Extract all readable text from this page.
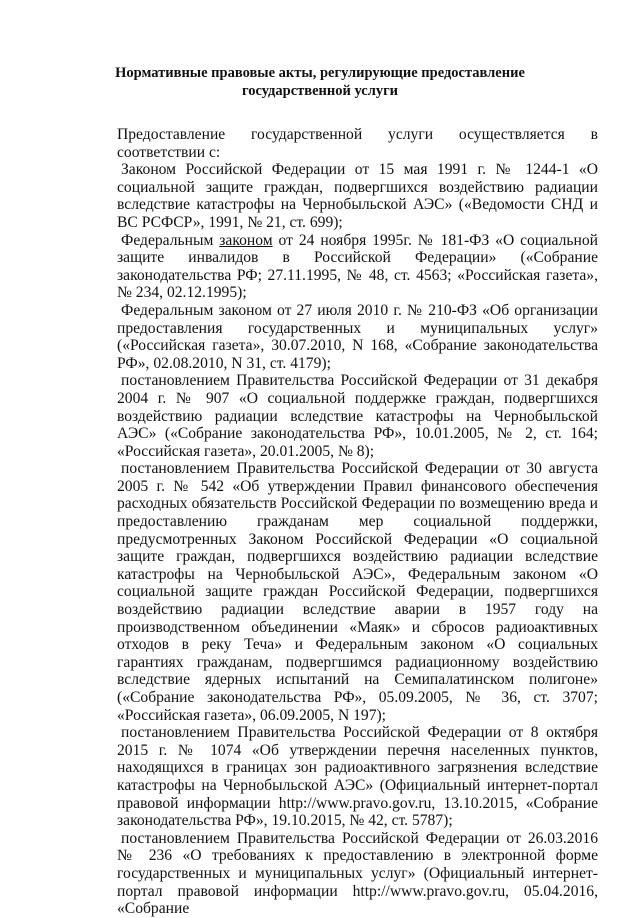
Нормативные правовые акты, регулирующие предоставление
государственной услуги

Предоставление государственной услуги осуществляется в соответствии с:

Законом Российской Федерации от 15 мая 1991 г. № 1244-1 «О социальной защите граждан, подвергшихся воздействию радиации вследствие катастрофы на Чернобыльской АЭС» («Ведомости СНД и ВС РСФСР», 1991, № 21, ст. 699);

Федеральным законом от 24 ноября 1995г. № 181-ФЗ «О социальной защите инвалидов в Российской Федерации» («Собрание законодательства РФ; 27.11.1995, № 48, ст. 4563; «Российская газета», № 234, 02.12.1995);

Федеральным законом от 27 июля 2010 г. № 210-ФЗ «Об организации предоставления государственных и муниципальных услуг» («Российская газета», 30.07.2010, N 168, «Собрание законодательства РФ», 02.08.2010, N 31, ст. 4179);

постановлением Правительства Российской Федерации от 31 декабря 2004 г. № 907 «О социальной поддержке граждан, подвергшихся воздействию радиации вследствие катастрофы на Чернобыльской АЭС» («Собрание законодательства РФ», 10.01.2005, № 2, ст. 164; «Российская газета», 20.01.2005, № 8);

постановлением Правительства Российской Федерации от 30 августа 2005 г. № 542 «Об утверждении Правил финансового обеспечения расходных обязательств Российской Федерации по возмещению вреда и предоставлению гражданам мер социальной поддержки, предусмотренных Законом Российской Федерации «О социальной защите граждан, подвергшихся воздействию радиации вследствие катастрофы на Чернобыльской АЭС», Федеральным законом «О социальной защите граждан Российской Федерации, подвергшихся воздействию радиации вследствие аварии в 1957 году на производственном объединении «Маяк» и сбросов радиоактивных отходов в реку Теча» и Федеральным законом «О социальных гарантиях гражданам, подвергшимся радиационному воздействию вследствие ядерных испытаний на Семипалатинском полигоне» («Собрание законодательства РФ», 05.09.2005, № 36, ст. 3707; «Российская газета», 06.09.2005, N 197);

постановлением Правительства Российской Федерации от 8 октября 2015 г. № 1074 «Об утверждении перечня населенных пунктов, находящихся в границах зон радиоактивного загрязнения вследствие катастрофы на Чернобыльской АЭС» (Официальный интернет-портал правовой информации http://www.pravo.gov.ru, 13.10.2015, «Собрание законодательства РФ», 19.10.2015, № 42, ст. 5787);

постановлением Правительства Российской Федерации от 26.03.2016 № 236 «О требованиях к предоставлению в электронной форме государственных и муниципальных услуг» (Официальный интернет-портал правовой информации http://www.pravo.gov.ru, 05.04.2016, «Собрание
